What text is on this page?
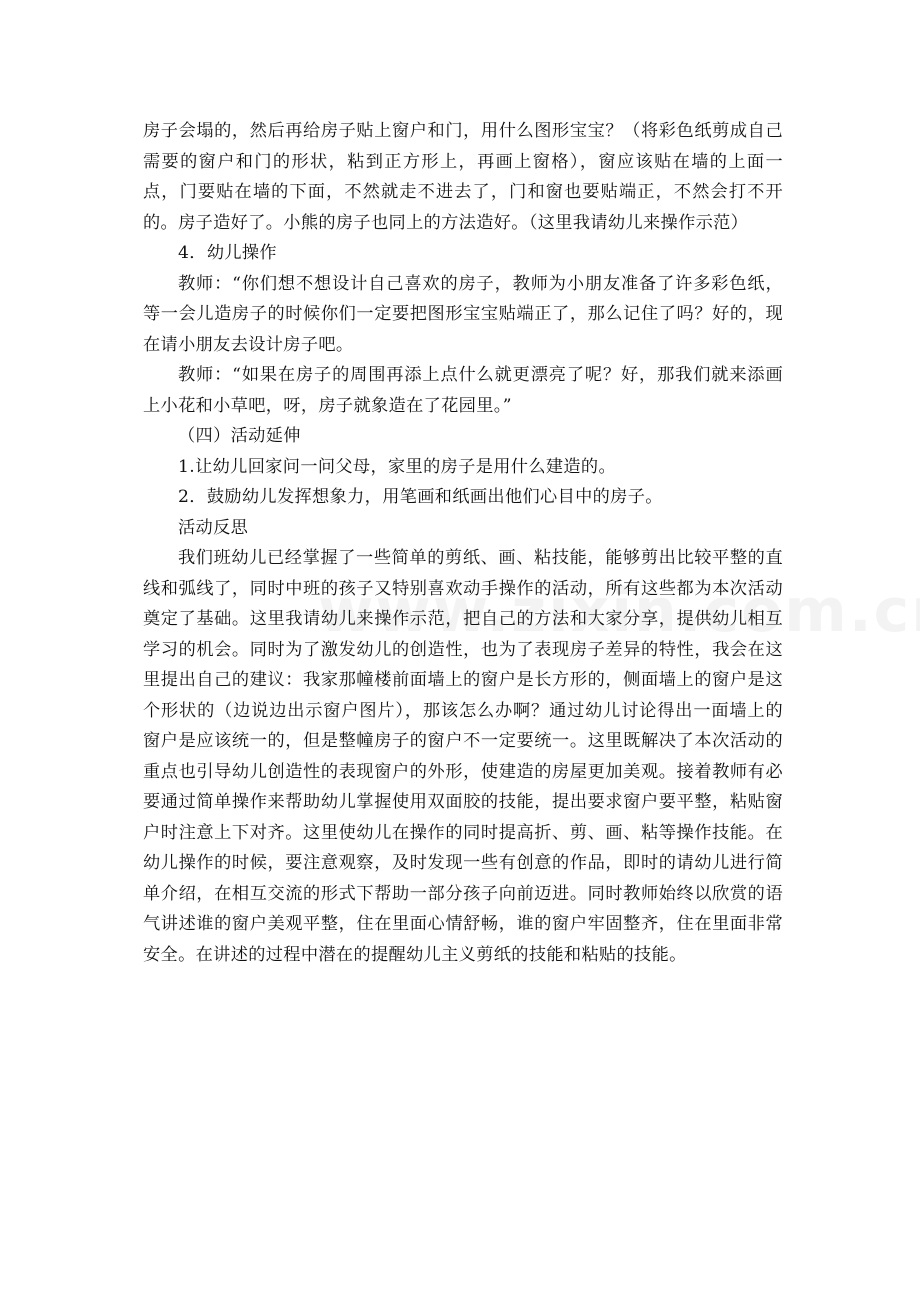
房子会塌的，然后再给房子贴上窗户和门，用什么图形宝宝？（将彩色纸剪成自己需要的窗户和门的形状，粘到正方形上，再画上窗格），窗应该贴在墙的上面一点，门要贴在墙的下面，不然就走不进去了，门和窗也要贴端正，不然会打不开的。房子造好了。小熊的房子也同上的方法造好。（这里我请幼儿来操作示范）

4．幼儿操作

教师：“你们想不想设计自己喜欢的房子，教师为小朋友准备了许多彩色纸，等一会儿造房子的时候你们一定要把图形宝宝贴端正了，那么记住了吗？好的，现在请小朋友去设计房子吧。

教师：“如果在房子的周围再添上点什么就更漂亮了呢？好，那我们就来添画上小花和小草吧，呀，房子就象造在了花园里。”

（四）活动延伸

1.让幼儿回家问一问父母，家里的房子是用什么建造的。

2．鼓励幼儿发挥想象力，用笔画和纸画出他们心目中的房子。

活动反思

我们班幼儿已经掌握了一些简单的剪纸、画、粘技能，能够剪出比较平整的直线和弧线了，同时中班的孩子又特别喜欢动手操作的活动，所有这些都为本次活动奠定了基础。这里我请幼儿来操作示范，把自己的方法和大家分享，提供幼儿相互学习的机会。同时为了激发幼儿的创造性，也为了表现房子差异的特性，我会在这里提出自己的建议：我家那幢楼前面墙上的窗户是长方形的，侧面墙上的窗户是这个形状的（边说边出示窗户图片），那该怎么办啊？通过幼儿讨论得出一面墙上的窗户是应该统一的，但是整幢房子的窗户不一定要统一。这里既解决了本次活动的重点也引导幼儿创造性的表现窗户的外形，使建造的房屋更加美观。接着教师有必要通过简单操作来帮助幼儿掌握使用双面胶的技能，提出要求窗户要平整，粘贴窗户时注意上下对齐。这里使幼儿在操作的同时提高折、剪、画、粘等操作技能。在幼儿操作的时候，要注意观察，及时发现一些有创意的作品，即时的请幼儿进行简单介绍，在相互交流的形式下帮助一部分孩子向前迈进。同时教师始终以欣赏的语气讲述谁的窗户美观平整，住在里面心情舒畅，谁的窗户牢固整齐，住在里面非常安全。在讲述的过程中潜在的提醒幼儿主义剪纸的技能和粘贴的技能。
